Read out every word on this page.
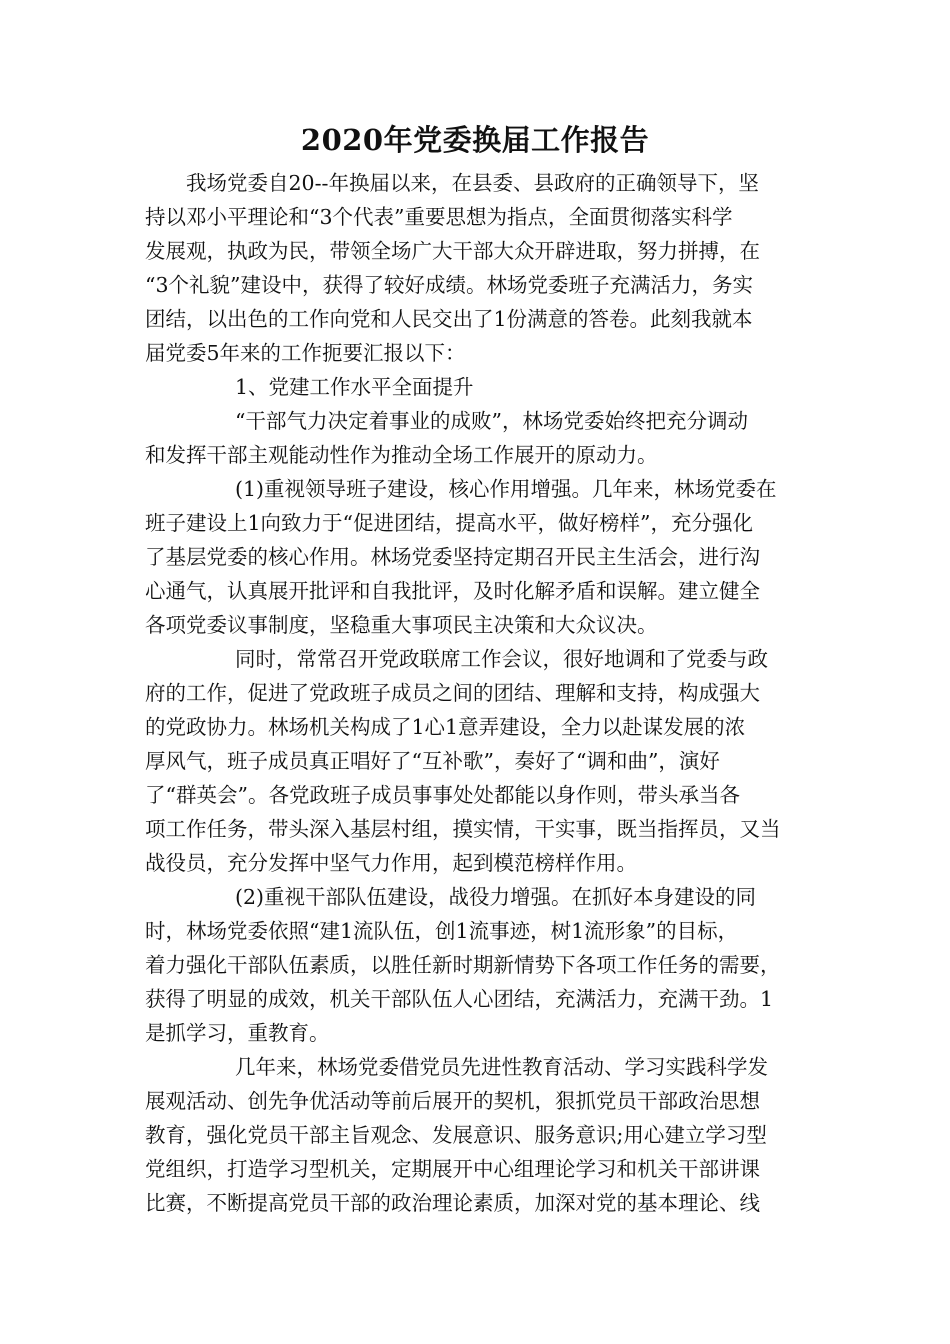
2020年党委换届工作报告
我场党委自20--年换届以来，在县委、县政府的正确领导下，坚
持以邓小平理论和“3个代表”重要思想为指点，全面贯彻落实科学
发展观，执政为民，带领全场广大干部大众开辟进取，努力拼搏，在
“3个礼貌”建设中，获得了较好成绩。林场党委班子充满活力，务实
团结，以出色的工作向党和人民交出了1份满意的答卷。此刻我就本
届党委5年来的工作扼要汇报以下：
1、党建工作水平全面提升
“干部气力决定着事业的成败”，林场党委始终把充分调动
和发挥干部主观能动性作为推动全场工作展开的原动力。
(1)重视领导班子建设，核心作用增强。几年来，林场党委在
班子建设上1向致力于“促进团结，提高水平，做好榜样”，充分强化
了基层党委的核心作用。林场党委坚持定期召开民主生活会，进行沟
心通气，认真展开批评和自我批评，及时化解矛盾和误解。建立健全
各项党委议事制度，坚稳重大事项民主决策和大众议决。
同时，常常召开党政联席工作会议，很好地调和了党委与政
府的工作，促进了党政班子成员之间的团结、理解和支持，构成强大
的党政协力。林场机关构成了1心1意弄建设，全力以赴谋发展的浓
厚风气，班子成员真正唱好了“互补歌”，奏好了“调和曲”，演好
了“群英会”。各党政班子成员事事处处都能以身作则，带头承当各
项工作任务，带头深入基层村组，摸实情，干实事，既当指挥员，又当
战役员，充分发挥中坚气力作用，起到模范榜样作用。
(2)重视干部队伍建设，战役力增强。在抓好本身建设的同
时，林场党委依照“建1流队伍，创1流事迹，树1流形象”的目标，
着力强化干部队伍素质，以胜任新时期新情势下各项工作任务的需要，
获得了明显的成效，机关干部队伍人心团结，充满活力，充满干劲。1
是抓学习，重教育。
几年来，林场党委借党员先进性教育活动、学习实践科学发
展观活动、创先争优活动等前后展开的契机，狠抓党员干部政治思想
教育，强化党员干部主旨观念、发展意识、服务意识;用心建立学习型
党组织，打造学习型机关，定期展开中心组理论学习和机关干部讲课
比赛，不断提高党员干部的政治理论素质，加深对党的基本理论、线
